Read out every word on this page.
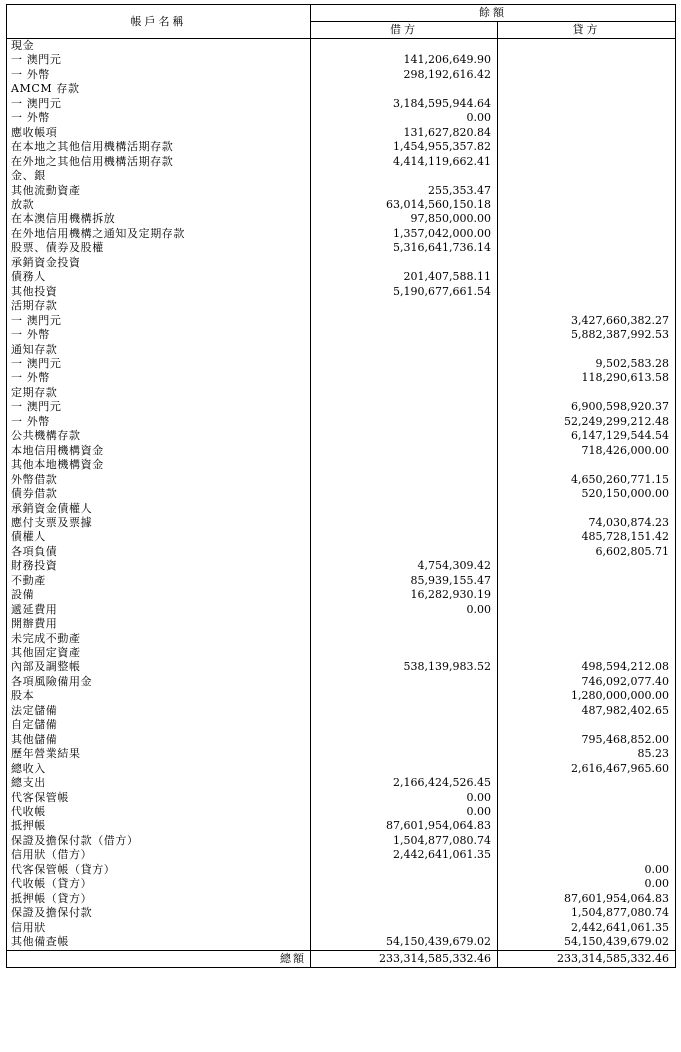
帳戶名稱	餘額	
	借方	貸方
現金		
一 澳門元	141,206,649.90	
一 外幣	298,192,616.42	
AMCM 存款		
一 澳門元	3,184,595,944.64	
一 外幣	0.00	
應收帳項	131,627,820.84	
在本地之其他信用機構活期存款	1,454,955,357.82	
在外地之其他信用機構活期存款	4,414,119,662.41	
金、銀		
其他流動資產	255,353.47	
放款	63,014,560,150.18	
在本澳信用機構拆放	97,850,000.00	
在外地信用機構之通知及定期存款	1,357,042,000.00	
股票、債券及股權	5,316,641,736.14	
承銷資金投資		
債務人	201,407,588.11	
其他投資	5,190,677,661.54	
活期存款		
一 澳門元		3,427,660,382.27
一 外幣		5,882,387,992.53
通知存款		
一 澳門元		9,502,583.28
一 外幣		118,290,613.58
定期存款		
一 澳門元		6,900,598,920.37
一 外幣		52,249,299,212.48
公共機構存款		6,147,129,544.54
本地信用機構資金		718,426,000.00
其他本地機構資金		
外幣借款		4,650,260,771.15
債券借款		520,150,000.00
承銷資金債權人		
應付支票及票據		74,030,874.23
債權人		485,728,151.42
各項負債		6,602,805.71
財務投資	4,754,309.42	
不動產	85,939,155.47	
設備	16,282,930.19	
遞延費用	0.00	
開辦費用		
未完成不動產		
其他固定資產		
內部及調整帳	538,139,983.52	498,594,212.08
各項風險備用金		746,092,077.40
股本		1,280,000,000.00
法定儲備		487,982,402.65
自定儲備		
其他儲備		795,468,852.00
歷年營業結果		85.23
總收入		2,616,467,965.60
總支出	2,166,424,526.45	
代客保管帳	0.00	
代收帳	0.00	
抵押帳	87,601,954,064.83	
保證及擔保付款（借方）	1,504,877,080.74	
信用狀（借方）	2,442,641,061.35	
代客保管帳（貸方）		0.00
代收帳（貸方）		0.00
抵押帳（貸方）		87,601,954,064.83
保證及擔保付款		1,504,877,080.74
信用狀		2,442,641,061.35
其他備查帳	54,150,439,679.02	54,150,439,679.02
總額	233,314,585,332.46	233,314,585,332.46
